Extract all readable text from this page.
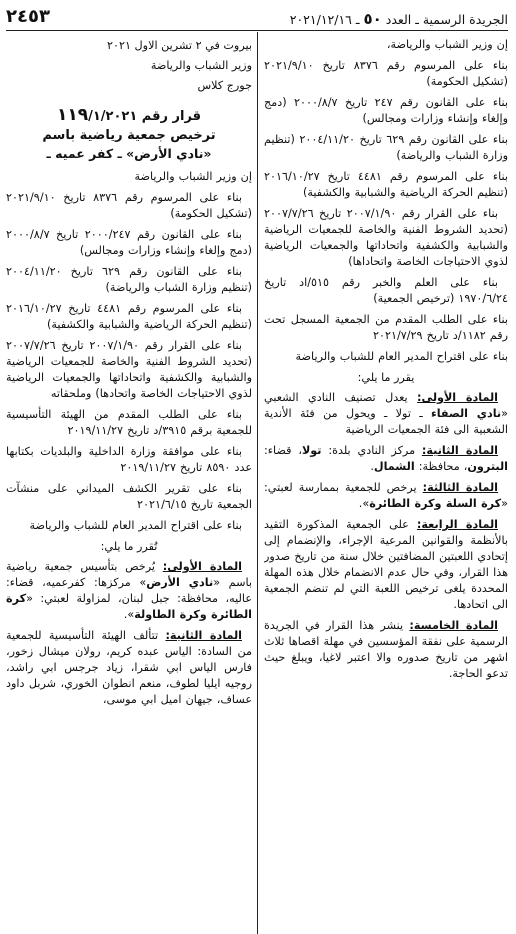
الجريدة الرسمية ـ العدد ٥٠ ـ ٢٠٢١/١٢/١٦
٢٤٥٣

إن وزير الشباب والرياضة،

بناء على المرسوم رقم ٨٣٧٦ تاريخ ٢٠٢١/٩/١٠ (تشكيل الحكومة)

بناء على القانون رقم ٢٤٧ تاريخ ٢٠٠٠/٨/٧ (دمج وإلغاء وإنشاء وزارات ومجالس)

بناء على القانون رقم ٦٢٩ تاريخ ٢٠٠٤/١١/٢٠ (تنظيم وزارة الشباب والرياضة)

بناء على المرسوم رقم ٤٤٨١ تاريخ ٢٠١٦/١٠/٢٧ (تنظيم الحركة الرياضية والشبابية والكشفية)

بناء على القرار رقم ٢٠٠٧/١/٩٠ تاريخ ٢٠٠٧/٧/٢٦ (تحديد الشروط الفنية والخاصة للجمعيات الرياضية والشبابية والكشفية واتحاداتها والجمعيات الرياضية لذوي الاحتياجات الخاصة واتحاداها)

بناء على العلم والخبر رقم ٥١٥/اد تاريخ ١٩٧٠/٦/٢٤ (ترخيص الجمعية)

بناء على الطلب المقدم من الجمعية المسجل تحت رقم ١١٨٢/د تاريخ ٢٠٢١/٧/٢٩

بناء على اقتراح المدير العام للشباب والرياضة

يقرر ما يلي:

المادة الأولى: يعدل تصنيف النادي الشعبي «نادي الصفاء ـ تولا ـ ويحول من فئة الأندية الشعبية الى فئة الجمعيات الرياضية

المادة الثانية: مركز النادي بلدة: تولا، قضاء: البترون، محافظة: الشمال.

المادة الثالثة: يرخص للجمعية بممارسة لعبتي: «كرة السلة وكرة الطائرة».

المادة الرابعة: على الجمعية المذكورة التقيد بالأنظمة والقوانين المرعية الإجراء، والإنضمام إلى إتحادي اللعبتين المضافتين خلال سنة من تاريخ صدور هذا القرار، وفي حال عدم الانضمام خلال هذه المهلة المحددة يلغى ترخيص اللعبة التي لم تنضم الجمعية الى اتحادها.

المادة الخامسة: ينشر هذا القرار في الجريدة الرسمية على نفقة المؤسسين في مهلة اقصاها ثلاث اشهر من تاريخ صدوره والا اعتبر لاغيا، ويبلغ حيث تدعو الحاجة.

بيروت في ٢ تشرين الاول ٢٠٢١

وزير الشباب والرياضة

جورج كلاس

قرار رقم ١١٩/١/٢٠٢١
ترخيص جمعية رياضية باسم
«نادي الأرض» ـ كفر عميه ـ

إن وزير الشباب والرياضة

بناء على المرسوم رقم ٨٣٧٦ تاريخ ٢٠٢١/٩/١٠ (تشكيل الحكومة)

بناء على القانون رقم ٢٠٠٠/٢٤٧ تاريخ ٢٠٠٠/٨/٧ (دمج وإلغاء وإنشاء وزارات ومجالس)

بناء على القانون رقم ٦٢٩ تاريخ ٢٠٠٤/١١/٢٠ (تنظيم وزارة الشباب والرياضة)

بناء على المرسوم رقم ٤٤٨١ تاريخ ٢٠١٦/١٠/٢٧ (تنظيم الحركة الرياضية والشبابية والكشفية)

بناء على القرار رقم ٢٠٠٧/١/٩٠ تاريخ ٢٠٠٧/٧/٢٦ (تحديد الشروط الفنية والخاصة للجمعيات الرياضية والشبابية والكشفية واتحاداتها والجمعيات الرياضية لذوي الاحتياجات الخاصة واتحادها) وملحقاته

بناء على الطلب المقدم من الهيئة التأسيسية للجمعية برقم ٣٩١٥/د تاريخ ٢٠١٩/١١/٢٧

بناء على موافقة وزارة الداخلية والبلديات بكتابها عدد ٨٥٩٠ تاريخ ٢٠١٩/١١/٢٧

بناء على تقرير الكشف الميداني على منشآت الجمعية تاريخ ٢٠٢١/٦/١٥

بناء على اقتراح المدير العام للشباب والرياضة

تُقرر ما يلي:

المادة الأولى: يُرخص بتأسيس جمعية رياضية باسم «نادي الأرض» مركزها: كفرعميه، قضاء: عاليه، محافظة: جبل لبنان، لمزاولة لعبتي: «كرة الطائرة وكرة الطاولة».

المادة الثانية: تتألف الهيئة التأسيسية للجمعية من السادة: الياس عبده كريم، رولان ميشال زخور، فارس الياس ابي شقرا، زياد جرجس ابي راشد، روجيه ايليا لطوف، منعم انطوان الخوري، شربل داود عساف، جيهان اميل ابي موسى،
